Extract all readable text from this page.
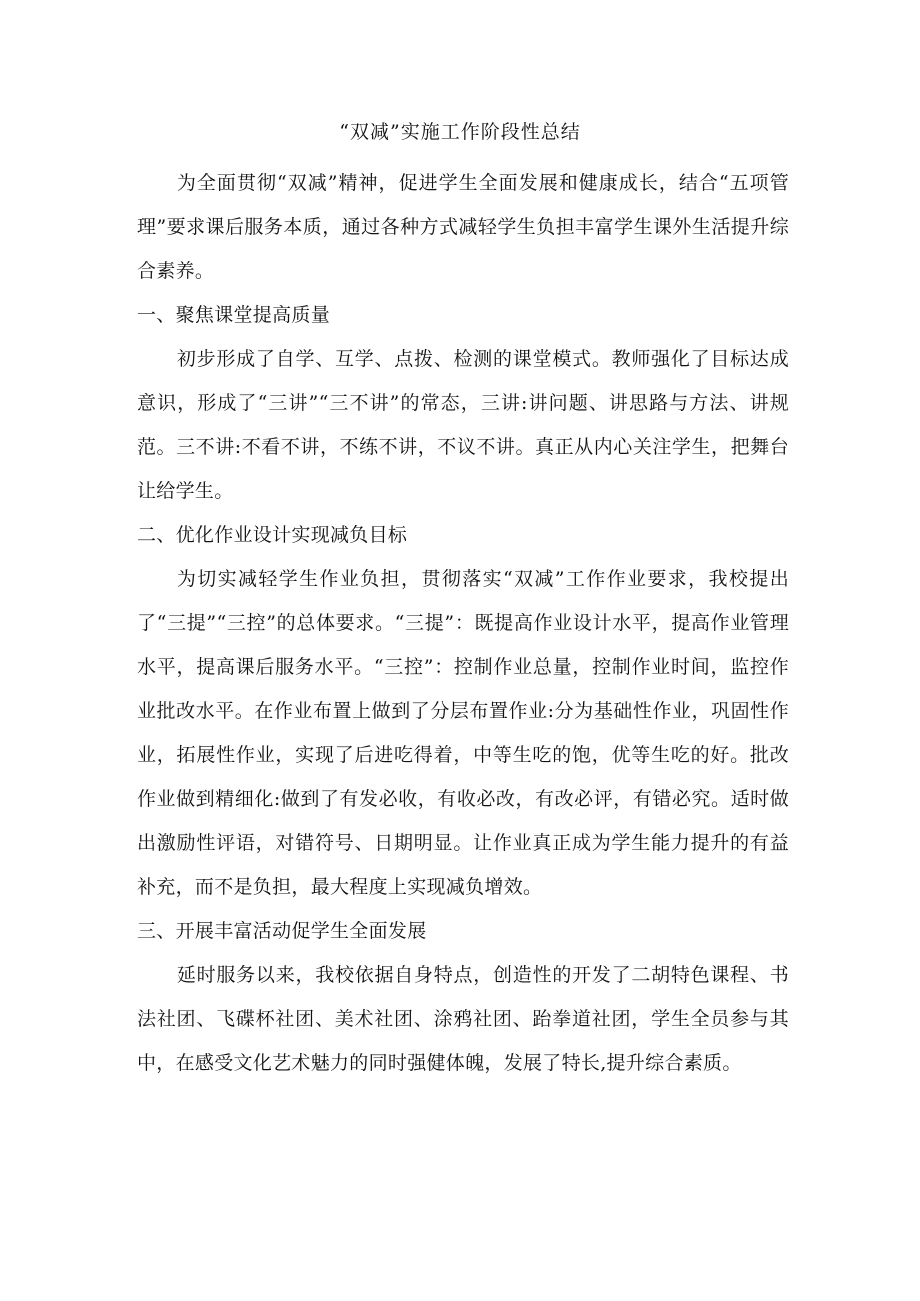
“双减”实施工作阶段性总结

为全面贯彻“双减”精神，促进学生全面发展和健康成长，结合“五项管理”要求课后服务本质，通过各种方式减轻学生负担丰富学生课外生活提升综合素养。

一、聚焦课堂提高质量

初步形成了自学、互学、点拨、检测的课堂模式。教师强化了目标达成意识，形成了“三讲”“三不讲”的常态，三讲:讲问题、讲思路与方法、讲规范。三不讲:不看不讲，不练不讲，不议不讲。真正从内心关注学生，把舞台让给学生。

二、优化作业设计实现减负目标

为切实减轻学生作业负担，贯彻落实“双减”工作作业要求，我校提出了“三提”“三控”的总体要求。“三提”：既提高作业设计水平，提高作业管理水平，提高课后服务水平。“三控”：控制作业总量，控制作业时间，监控作业批改水平。在作业布置上做到了分层布置作业:分为基础性作业，巩固性作业，拓展性作业，实现了后进吃得着，中等生吃的饱，优等生吃的好。批改作业做到精细化:做到了有发必收，有收必改，有改必评，有错必究。适时做出激励性评语，对错符号、日期明显。让作业真正成为学生能力提升的有益补充，而不是负担，最大程度上实现减负增效。

三、开展丰富活动促学生全面发展

延时服务以来，我校依据自身特点，创造性的开发了二胡特色课程、书法社团、飞碟杯社团、美术社团、涂鸦社团、跆拳道社团，学生全员参与其中，在感受文化艺术魅力的同时强健体魄，发展了特长,提升综合素质。
